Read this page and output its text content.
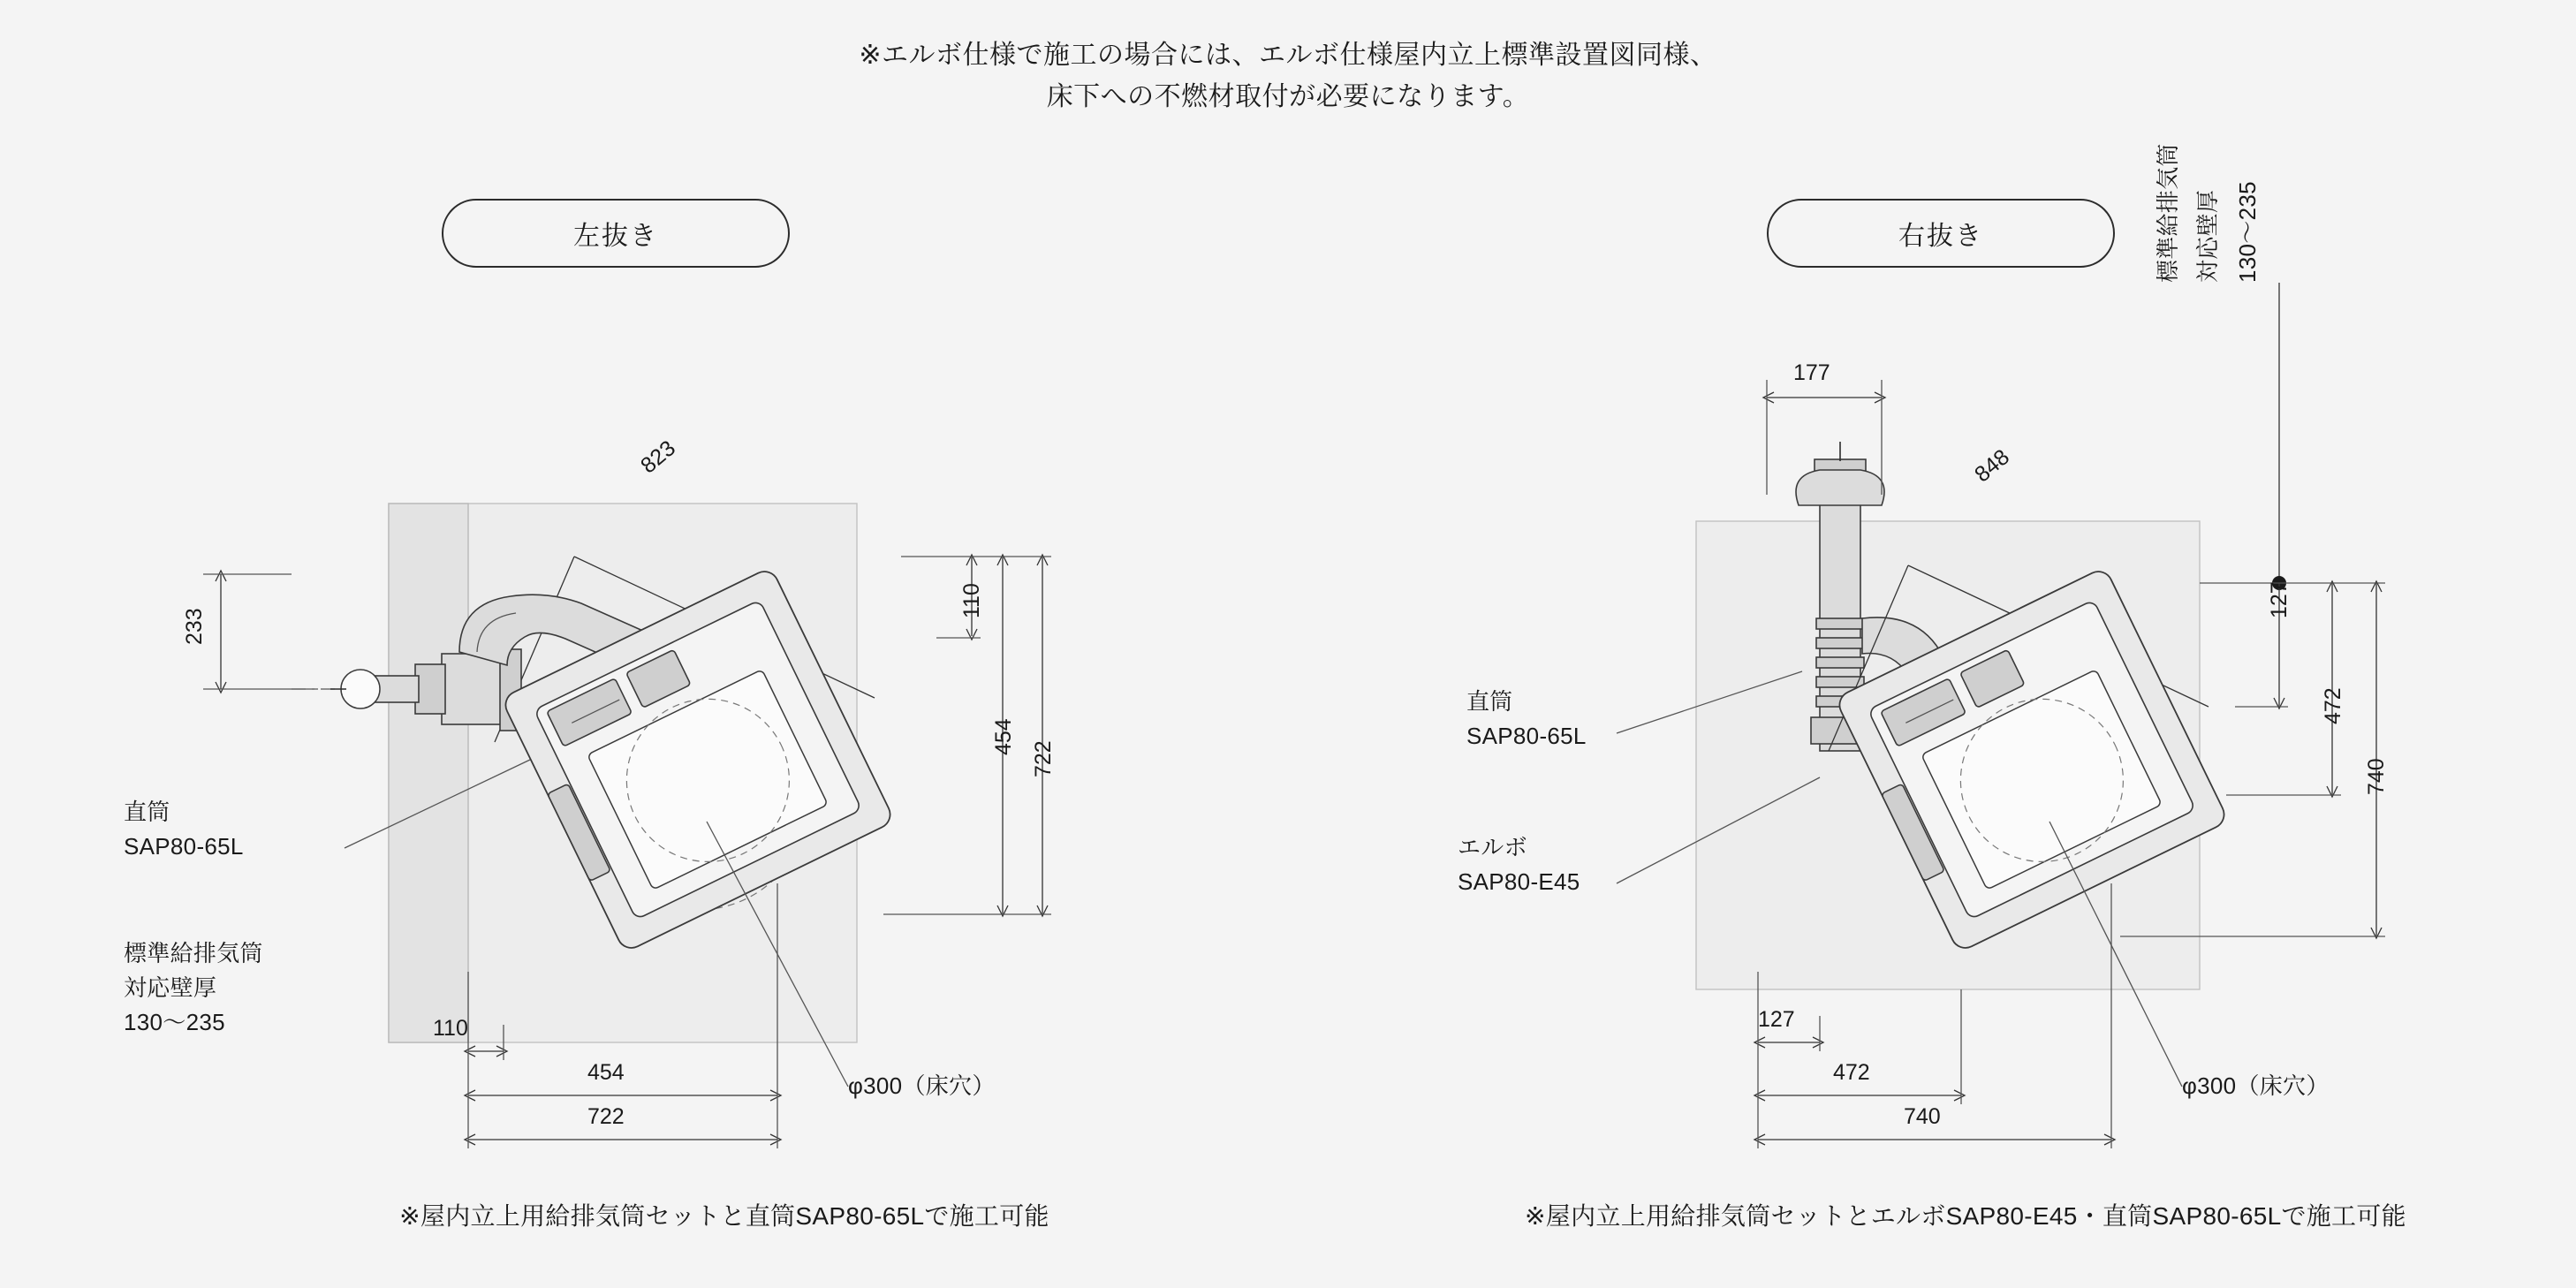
※エルボ仕様で施工の場合には、エルボ仕様屋内立上標準設置図同様、
床下への不燃材取付が必要になります。
左抜き	右抜き
823
233
110
454
722
直筒
SAP80-65L
標準給排気筒
対応壁厚
130〜235	110
454
722
φ300（床穴）
※屋内立上用給排気筒セットと直筒SAP80-65Lで施工可能
177
848
標準給排気筒 対応壁厚 130〜235
127
472
740
直筒
SAP80-65L
エルボ
SAP80-E45
127
472
740
φ300（床穴）
※屋内立上用給排気筒セットとエルボSAP80-E45・直筒SAP80-65Lで施工可能
